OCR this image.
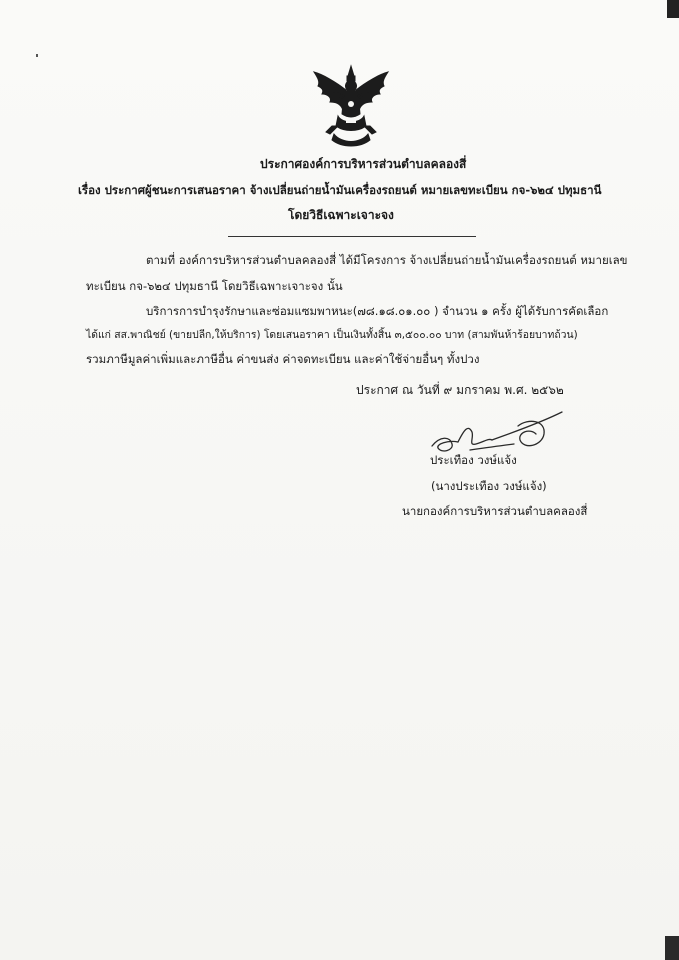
ประกาศองค์การบริหารส่วนตำบลคลองสี่
เรื่อง ประกาศผู้ชนะการเสนอราคา จ้างเปลี่ยนถ่ายน้ำมันเครื่องรถยนต์ หมายเลขทะเบียน กจ-๖๒๔ ปทุมธานี
โดยวิธีเฉพาะเจาะจง
ตามที่ องค์การบริหารส่วนตำบลคลองสี่ ได้มีโครงการ จ้างเปลี่ยนถ่ายน้ำมันเครื่องรถยนต์ หมายเลข
ทะเบียน กจ-๖๒๔ ปทุมธานี โดยวิธีเฉพาะเจาะจง นั้น
บริการการบำรุงรักษาและซ่อมแซมพาหนะ(๗๘.๑๘.๐๑.๐๐ ) จำนวน ๑ ครั้ง ผู้ได้รับการคัดเลือก
ได้แก่ สส.พาณิชย์ (ขายปลีก,ให้บริการ) โดยเสนอราคา เป็นเงินทั้งสิ้น ๓,๕๐๐.๐๐ บาท (สามพันห้าร้อยบาทถ้วน)
รวมภาษีมูลค่าเพิ่มและภาษีอื่น ค่าขนส่ง ค่าจดทะเบียน และค่าใช้จ่ายอื่นๆ ทั้งปวง
ประกาศ ณ วันที่ ๙ มกราคม พ.ศ. ๒๕๖๒
ประเทือง วงษ์แจ้ง
(นางประเทือง วงษ์แจ้ง)
นายกองค์การบริหารส่วนตำบลคลองสี่
